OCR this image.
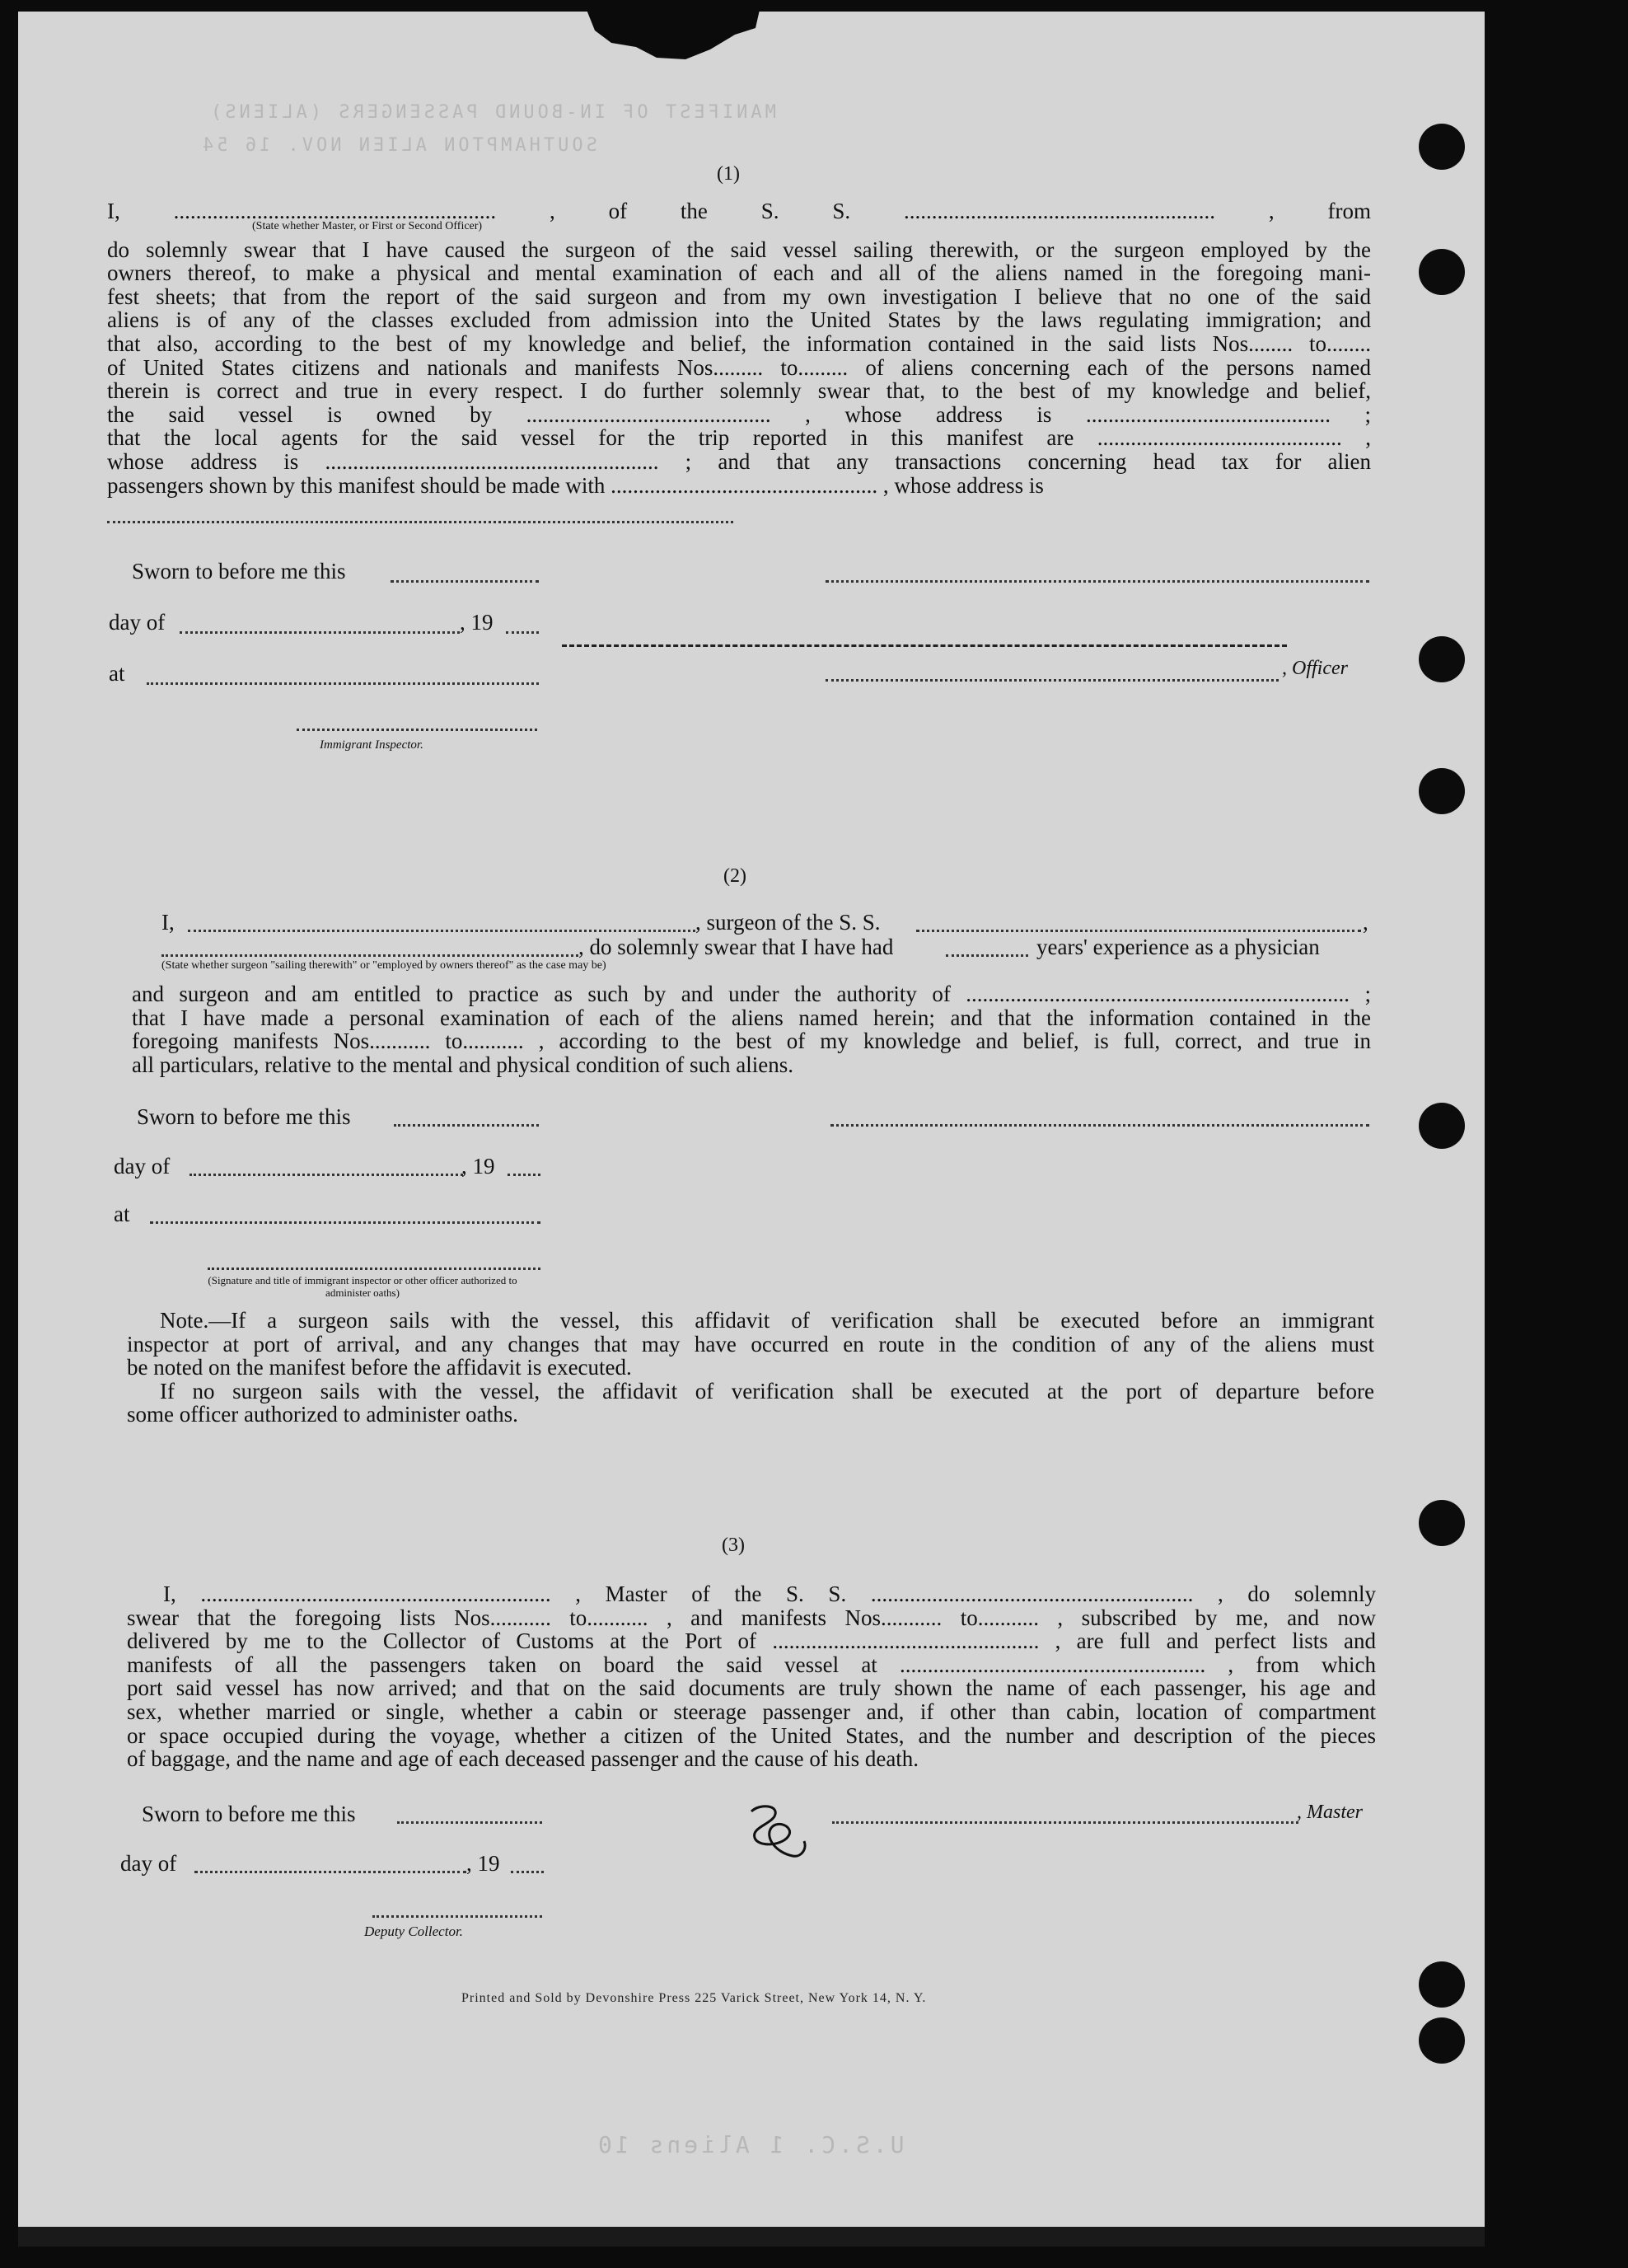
MANIFEST OF IN-BOUND PASSENGERS (ALIENS)
SOUTHAMPTON ALIEN NOV. 16 54
(1)
I, .......................................................... , of the S. S. ........................................................ , from
(State whether Master, or First or Second Officer)
do solemnly swear that I have caused the surgeon of the said vessel sailing therewith, or the surgeon employed by the
owners thereof, to make a physical and mental examination of each and all of the aliens named in the foregoing mani-
fest sheets; that from the report of the said surgeon and from my own investigation I believe that no one of the said
aliens is of any of the classes excluded from admission into the United States by the laws regulating immigration; and
that also, according to the best of my knowledge and belief, the information contained in the said lists Nos........ to........
of United States citizens and nationals and manifests Nos......... to......... of aliens concerning each of the persons named
therein is correct and true in every respect. I do further solemnly swear that, to the best of my knowledge and belief,
the said vessel is owned by ............................................ , whose address is ............................................ ;
that the local agents for the said vessel for the trip reported in this manifest are ............................................ ,
whose address is ............................................................ ; and that any transactions concerning head tax for alien
passengers shown by this manifest should be made with ................................................ , whose address is
Sworn to before me this
day of	, 19
at
Immigrant Inspector.
, Officer
(2)
I,	, surgeon of the S. S.	,
, do solemnly swear that I have had	years' experience as a physician
(State whether surgeon "sailing therewith" or "employed by owners thereof" as the case may be)
and surgeon and am entitled to practice as such by and under the authority of ..................................................................... ;
that I have made a personal examination of each of the aliens named herein; and that the information contained in the
foregoing manifests Nos........... to........... , according to the best of my knowledge and belief, is full, correct, and true in
all particulars, relative to the mental and physical condition of such aliens.
Sworn to before me this
day of	, 19
at
(Signature and title of immigrant inspector or other officer authorized to administer oaths)
Note.—If a surgeon sails with the vessel, this affidavit of verification shall be executed before an immigrant
inspector at port of arrival, and any changes that may have occurred en route in the condition of any of the aliens must
be noted on the manifest before the affidavit is executed.
If no surgeon sails with the vessel, the affidavit of verification shall be executed at the port of departure before
some officer authorized to administer oaths.
(3)
I, ............................................................... , Master of the S. S. .......................................................... , do solemnly
swear that the foregoing lists Nos........... to........... , and manifests Nos........... to........... , subscribed by me, and now
delivered by me to the Collector of Customs at the Port of ................................................ , are full and perfect lists and
manifests of all the passengers taken on board the said vessel at ....................................................... , from which
port said vessel has now arrived; and that on the said documents are truly shown the name of each passenger, his age and
sex, whether married or single, whether a cabin or steerage passenger and, if other than cabin, location of compartment
or space occupied during the voyage, whether a citizen of the United States, and the number and description of the pieces
of baggage, and the name and age of each deceased passenger and the cause of his death.
Sworn to before me this
day of	, 19
Deputy Collector.
, Master
Printed and Sold by Devonshire Press 225 Varick Street, New York 14, N. Y.
U.S.C. 1 Aliens 10
